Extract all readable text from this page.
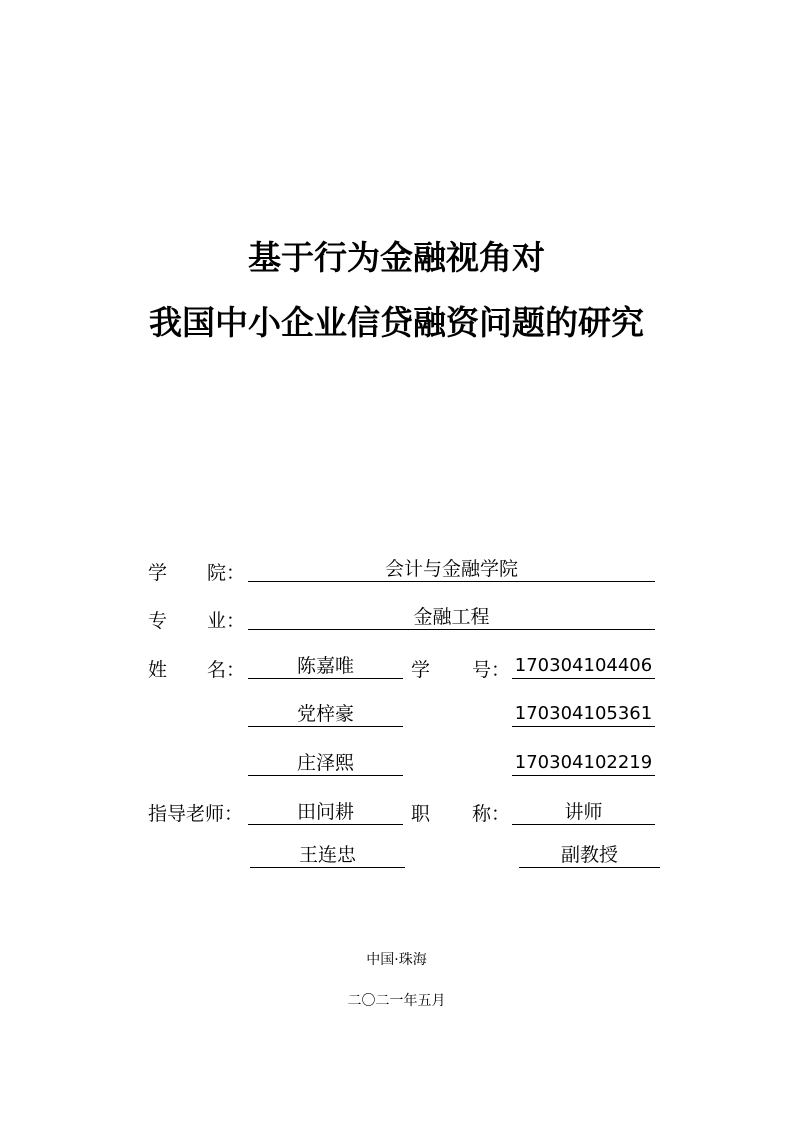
基于行为金融视角对
我国中小企业信贷融资问题的研究
学 院：	会计与金融学院
专 业：	金融工程
姓 名：	学 号：
陈嘉唯	170304104406
党梓豪	170304105361
庄泽熙	170304102219
指导老师：	职 称：
田问耕	讲师
王连忠	副教授
中国·珠海
二〇二一年五月
